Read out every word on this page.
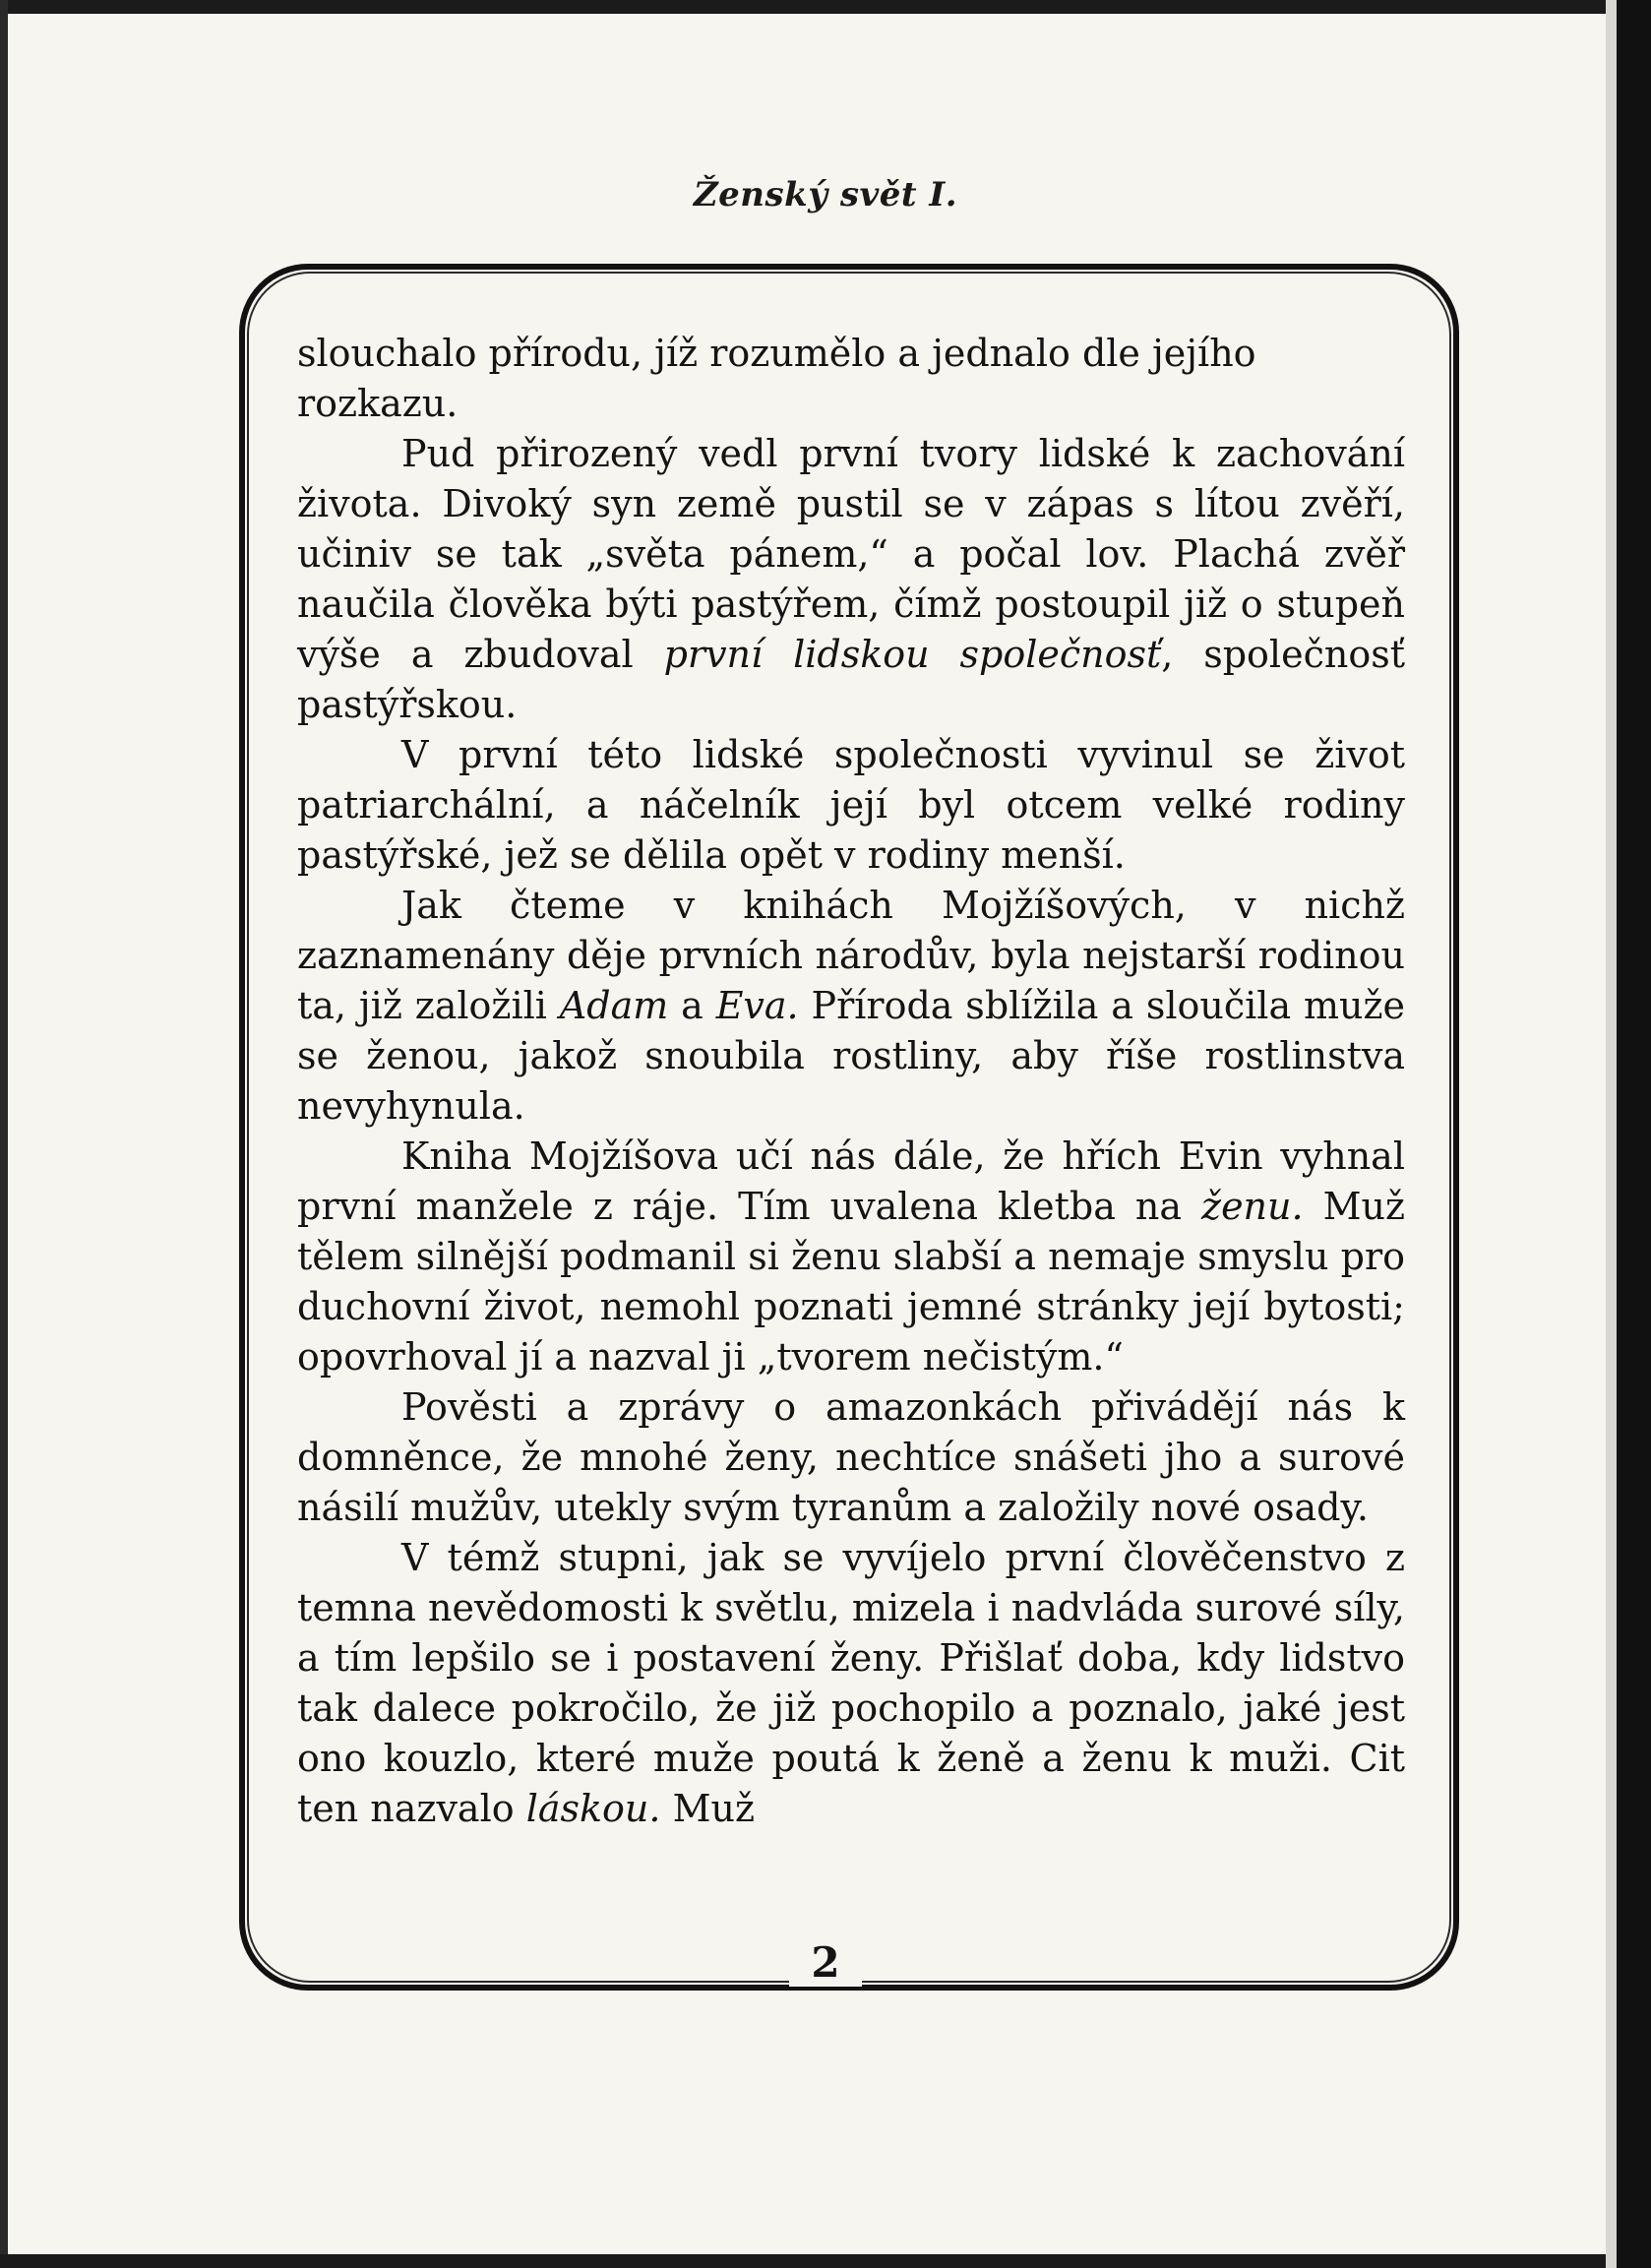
Ženský svět I.

slouchalo přírodu, jíž rozumělo a jednalo dle jejího
rozkazu.

Pud přirozený vedl první tvory lidské k zachování života. Divoký syn země pustil se v zápas s lítou zvěří, učiniv se tak „světa pánem,“ a počal lov. Plachá zvěř naučila člověka býti pastýřem, čímž postoupil již o stupeň výše a zbudoval první lidskou společnosť, společnosť pastýřskou.

V první této lidské společnosti vyvinul se život patriarchální, a náčelník její byl otcem velké rodiny pastýřské, jež se dělila opět v rodiny menší.

Jak čteme v knihách Mojžíšových, v nichž zaznamenány děje prvních národův, byla nejstarší rodinou ta, již založili Adam a Eva. Příroda sblížila a sloučila muže se ženou, jakož snoubila rostliny, aby říše rostlinstva nevyhynula.

Kniha Mojžíšova učí nás dále, že hřích Evin vyhnal první manžele z ráje. Tím uvalena kletba na ženu. Muž tělem silnější podmanil si ženu slabší a nemaje smyslu pro duchovní život, nemohl poznati jemné stránky její bytosti; opovrhoval jí a nazval ji „tvorem nečistým.“

Pověsti a zprávy o amazonkách přivádějí nás k domněnce, že mnohé ženy, nechtíce snášeti jho a surové násilí mužův, utekly svým tyranům a založily nové osady.

V témž stupni, jak se vyvíjelo první člověčenstvo z temna nevědomosti k světlu, mizela i nadvláda surové síly, a tím lepšilo se i postavení ženy. Přišlať doba, kdy lidstvo tak dalece pokročilo, že již pochopilo a poznalo, jaké jest ono kouzlo, které muže poutá k ženě a ženu k muži. Cit ten nazvalo láskou. Muž

2
